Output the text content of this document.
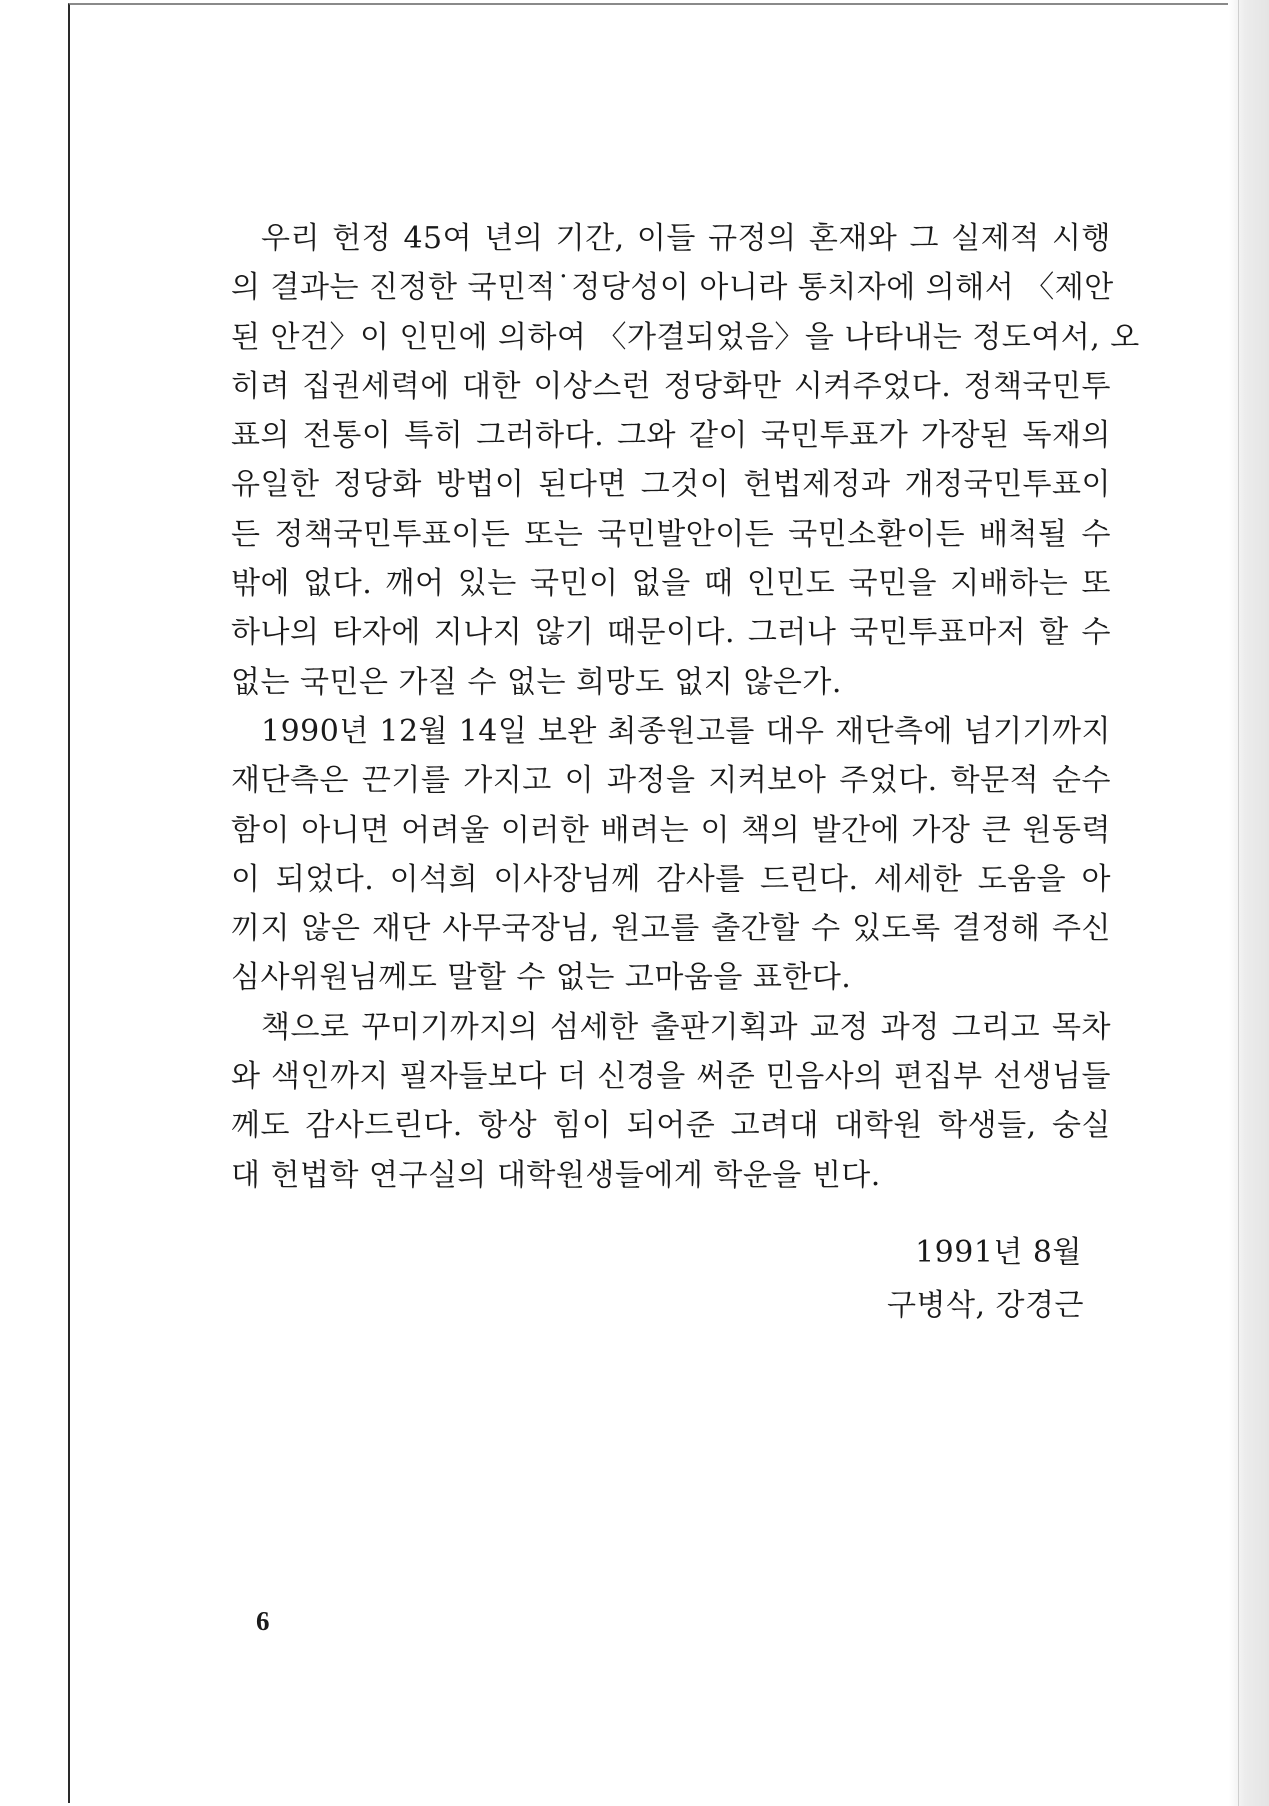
우리 헌정 45여 년의 기간, 이들 규정의 혼재와 그 실제적 시행
의 결과는 진정한 국민적˙정당성이 아니라 통치자에 의해서 〈제안
된 안건〉이 인민에 의하여 〈가결되었음〉을 나타내는 정도여서, 오
히려 집권세력에 대한 이상스런 정당화만 시켜주었다. 정책국민투
표의 전통이 특히 그러하다. 그와 같이 국민투표가 가장된 독재의
유일한 정당화 방법이 된다면 그것이 헌법제정과 개정국민투표이
든 정책국민투표이든 또는 국민발안이든 국민소환이든 배척될 수
밖에 없다. 깨어 있는 국민이 없을 때 인민도 국민을 지배하는 또
하나의 타자에 지나지 않기 때문이다. 그러나 국민투표마저 할 수
없는 국민은 가질 수 없는 희망도 없지 않은가.
1990년 12월 14일 보완 최종원고를 대우 재단측에 넘기기까지
재단측은 끈기를 가지고 이 과정을 지켜보아 주었다. 학문적 순수
함이 아니면 어려울 이러한 배려는 이 책의 발간에 가장 큰 원동력
이 되었다. 이석희 이사장님께 감사를 드린다. 세세한 도움을 아
끼지 않은 재단 사무국장님, 원고를 출간할 수 있도록 결정해 주신
심사위원님께도 말할 수 없는 고마움을 표한다.
책으로 꾸미기까지의 섬세한 출판기획과 교정 과정 그리고 목차
와 색인까지 필자들보다 더 신경을 써준 민음사의 편집부 선생님들
께도 감사드린다. 항상 힘이 되어준 고려대 대학원 학생들, 숭실
대 헌법학 연구실의 대학원생들에게 학운을 빈다.
1991년 8월
구병삭, 강경근
6
